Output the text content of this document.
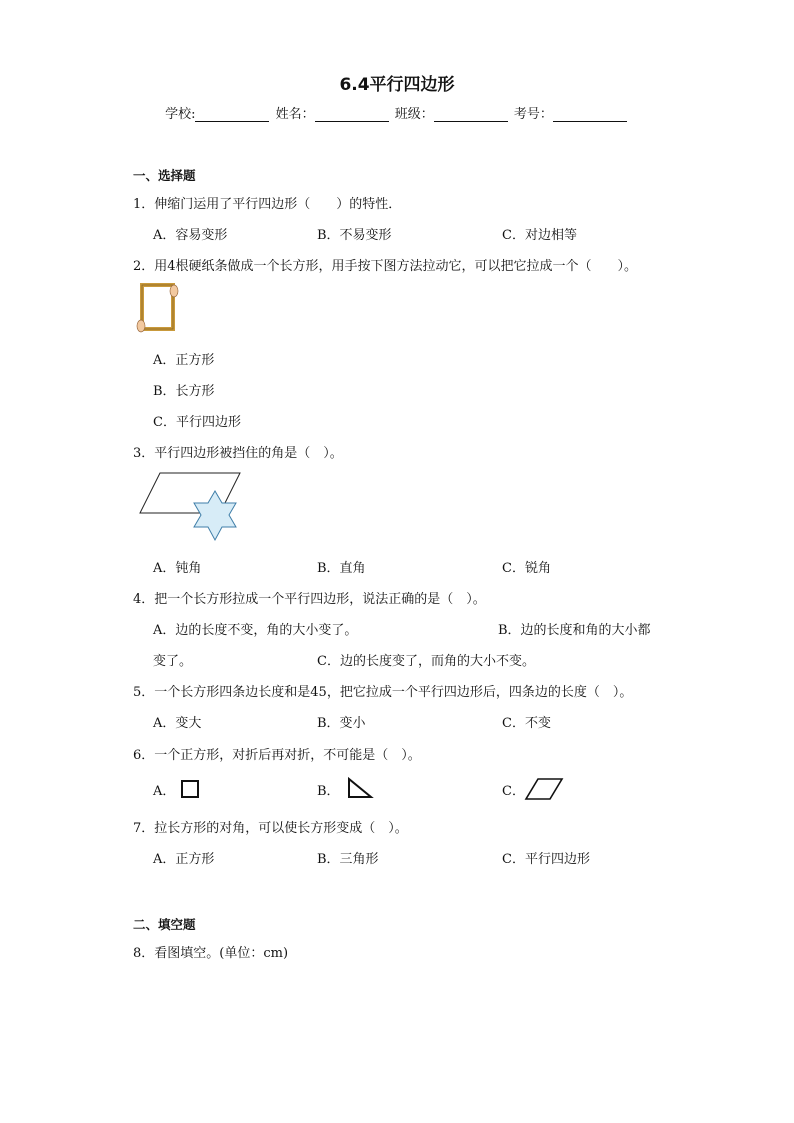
6.4平行四边形
学校:	姓名：	班级：	考号：
一、选择题
1．伸缩门运用了平行四边形（　　）的特性．
A．容易变形	B．不易变形	C．对边相等
2．用4根硬纸条做成一个长方形，用手按下图方法拉动它，可以把它拉成一个（　　）。
A．正方形
B．长方形
C．平行四边形
3．平行四边形被挡住的角是（　）。
A．钝角	B．直角	C．锐角
4．把一个长方形拉成一个平行四边形，说法正确的是（　）。
A．边的长度不变，角的大小变了。	B．边的长度和角的大小都
变了。	C．边的长度变了，而角的大小不变。
5．一个长方形四条边长度和是45，把它拉成一个平行四边形后，四条边的长度（　）。
A．变大	B．变小	C．不变
6．一个正方形，对折后再对折，不可能是（　）。
A．	B．	C．
7．拉长方形的对角，可以使长方形变成（　）。
A．正方形	B．三角形	C．平行四边形
二、填空题
8．看图填空。(单位：cm)
